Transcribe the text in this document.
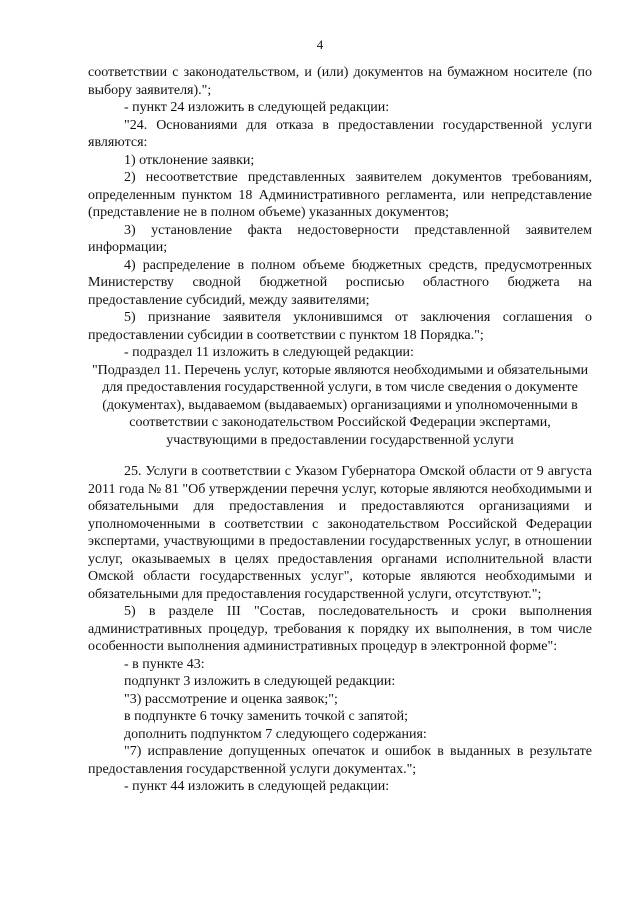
4

соответствии с законодательством, и (или) документов на бумажном носителе (по выбору заявителя).";

- пункт 24 изложить в следующей редакции:

"24. Основаниями для отказа в предоставлении государственной услуги являются:

1) отклонение заявки;

2) несоответствие представленных заявителем документов требованиям, определенным пунктом 18 Административного регламента, или непредставление (представление не в полном объеме) указанных документов;

3) установление факта недостоверности представленной заявителем информации;

4) распределение в полном объеме бюджетных средств, предусмотренных Министерству сводной бюджетной росписью областного бюджета на предоставление субсидий, между заявителями;

5) признание заявителя уклонившимся от заключения соглашения о предоставлении субсидии в соответствии с пунктом 18 Порядка.";

- подраздел 11 изложить в следующей редакции:

"Подраздел 11. Перечень услуг, которые являются необходимыми и обязательными для предоставления государственной услуги, в том числе сведения о документе (документах), выдаваемом (выдаваемых) организациями и уполномоченными в соответствии с законодательством Российской Федерации экспертами, участвующими в предоставлении государственной услуги

25. Услуги в соответствии с Указом Губернатора Омской области от 9 августа 2011 года № 81 "Об утверждении перечня услуг, которые являются необходимыми и обязательными для предоставления и предоставляются организациями и уполномоченными в соответствии с законодательством Российской Федерации экспертами, участвующими в предоставлении государственных услуг, в отношении услуг, оказываемых в целях предоставления органами исполнительной власти Омской области государственных услуг", которые являются необходимыми и обязательными для предоставления государственной услуги, отсутствуют.";

5) в разделе III "Состав, последовательность и сроки выполнения административных процедур, требования к порядку их выполнения, в том числе особенности выполнения административных процедур в электронной форме":

- в пункте 43:

подпункт 3 изложить в следующей редакции:

"3) рассмотрение и оценка заявок;";

в подпункте 6 точку заменить точкой с запятой;

дополнить подпунктом 7 следующего содержания:

"7) исправление допущенных опечаток и ошибок в выданных в результате предоставления государственной услуги документах.";

- пункт 44 изложить в следующей редакции:
